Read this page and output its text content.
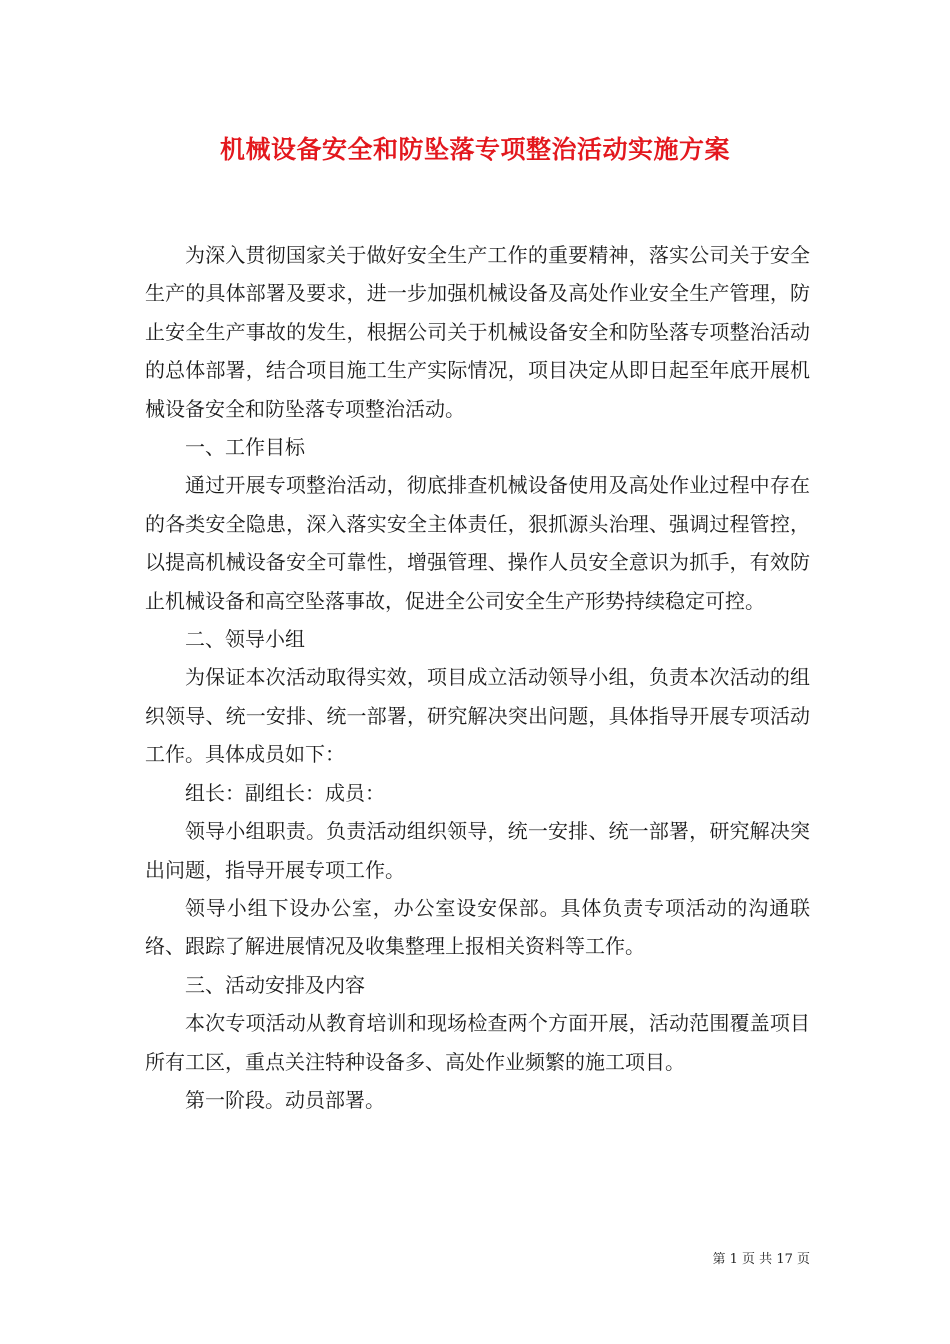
机械设备安全和防坠落专项整治活动实施方案

为深入贯彻国家关于做好安全生产工作的重要精神，落实公司关于安全生产的具体部署及要求，进一步加强机械设备及高处作业安全生产管理，防止安全生产事故的发生，根据公司关于机械设备安全和防坠落专项整治活动的总体部署，结合项目施工生产实际情况，项目决定从即日起至年底开展机械设备安全和防坠落专项整治活动。

一、工作目标

通过开展专项整治活动，彻底排查机械设备使用及高处作业过程中存在的各类安全隐患，深入落实安全主体责任，狠抓源头治理、强调过程管控，以提高机械设备安全可靠性，增强管理、操作人员安全意识为抓手，有效防止机械设备和高空坠落事故，促进全公司安全生产形势持续稳定可控。

二、领导小组

为保证本次活动取得实效，项目成立活动领导小组，负责本次活动的组织领导、统一安排、统一部署，研究解决突出问题，具体指导开展专项活动工作。具体成员如下：

组长：副组长：成员：

领导小组职责。负责活动组织领导，统一安排、统一部署，研究解决突出问题，指导开展专项工作。

领导小组下设办公室，办公室设安保部。具体负责专项活动的沟通联络、跟踪了解进展情况及收集整理上报相关资料等工作。

三、活动安排及内容

本次专项活动从教育培训和现场检查两个方面开展，活动范围覆盖项目所有工区，重点关注特种设备多、高处作业频繁的施工项目。

第一阶段。动员部署。

第 1 页 共 17 页
